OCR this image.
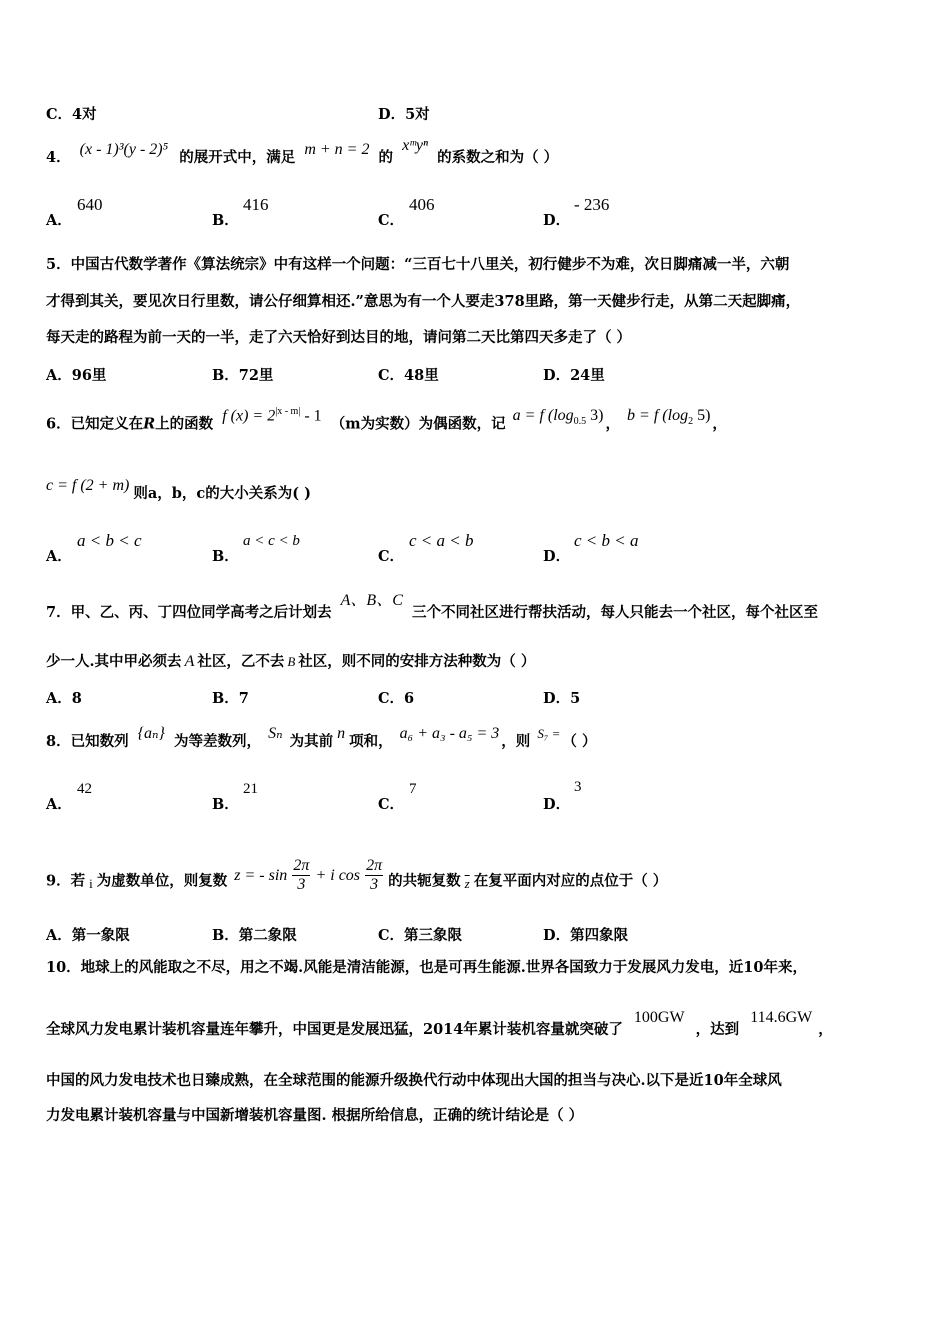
C．4对	D．5对
4． (x - 1)³(y - 2)⁵ 的展开式中，满足 m + n = 2 的 xᵐyⁿ 的系数之和为（ ）
A．
640
B．
416
C．
406
D．
- 236
5．中国古代数学著作《算法统宗》中有这样一个问题：“三百七十八里关，初行健步不为难，次日脚痛减一半，六朝
才得到其关，要见次日行里数，请公仔细算相还.”意思为有一个人要走378里路，第一天健步行走，从第二天起脚痛，
每天走的路程为前一天的一半，走了六天恰好到达目的地，请问第二天比第四天多走了（ ）
A．96里	B．72里	C．48里	D．24里
6．已知定义在R上的函数 f $(x) = 2^{|x - m|} - 1$ （m为实数）为偶函数，记 a = f ($\log_{0.5}$ 3) ， b = f ($\log_2$ 5) ，
c = f (2 + m) 则a，b，c的大小关系为( )
A．
a < b < c
B．
a < c < b
C．
c < a < b
D．
c < b < a
7．甲、乙、丙、丁四位同学高考之后计划去 A、B、C 三个不同社区进行帮扶活动，每人只能去一个社区，每个社区至
少一人.其中甲必须去 A 社区，乙不去 B 社区，则不同的安排方法种数为（ ）
A．8	B．7	C．6	D．5
8．已知数列 {aₙ} 为等差数列， Sₙ 为其前 n 项和， a₆ + a₃ - a₅ = 3 ，则 S₇ = （ ）
A．
42
B．
21
C．
7
D．
3
9．若 i 为虚数单位，则复数 z = - $\sin \frac{2\pi}{3} + i$ $\cos \frac{2\pi}{3}$ 的共轭复数 $\overline{z}$ 在复平面内对应的点位于（ ）
A．第一象限	B．第二象限	C．第三象限	D．第四象限
10．地球上的风能取之不尽，用之不竭.风能是清洁能源，也是可再生能源.世界各国致力于发展风力发电，近10年来，
全球风力发电累计装机容量连年攀升，中国更是发展迅猛，2014年累计装机容量就突破了 100GW ，达到 114.6GW，
中国的风力发电技术也日臻成熟，在全球范围的能源升级换代行动中体现出大国的担当与决心.以下是近10年全球风
力发电累计装机容量与中国新增装机容量图. 根据所给信息，正确的统计结论是（ ）
